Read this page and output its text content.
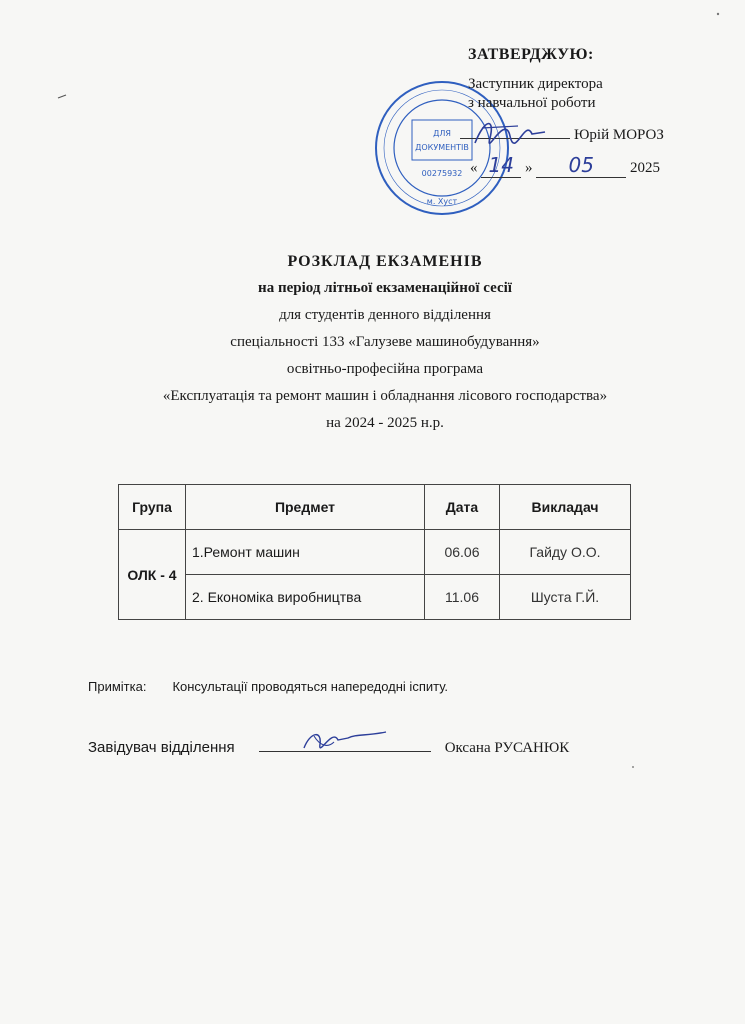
ДЛЯ
ДОКУМЕНТІВ
00275932
м. Хуст
ЗАТВЕРДЖУЮ:
Заступник директора
з навчальної роботи
Юрій МОРОЗ
« 14 » 05 2025
РОЗКЛАД ЕКЗАМЕНІВ
на період літньої екзаменаційної сесії
для студентів денного відділення
спеціальності 133 «Галузеве машинобудування»
освітньо-професійна програма
«Експлуатація та ремонт машин і обладнання лісового господарства»
на 2024 - 2025 н.р.
Група	Предмет	Дата	Викладач
ОЛК - 4	1.Ремонт машин	06.06	Гайду О.О.
	2. Економіка виробництва	11.06	Шуста Г.Й.
Примітка: Консультації проводяться напередодні іспиту.
Завідувач відділення	Оксана РУСАНЮК
